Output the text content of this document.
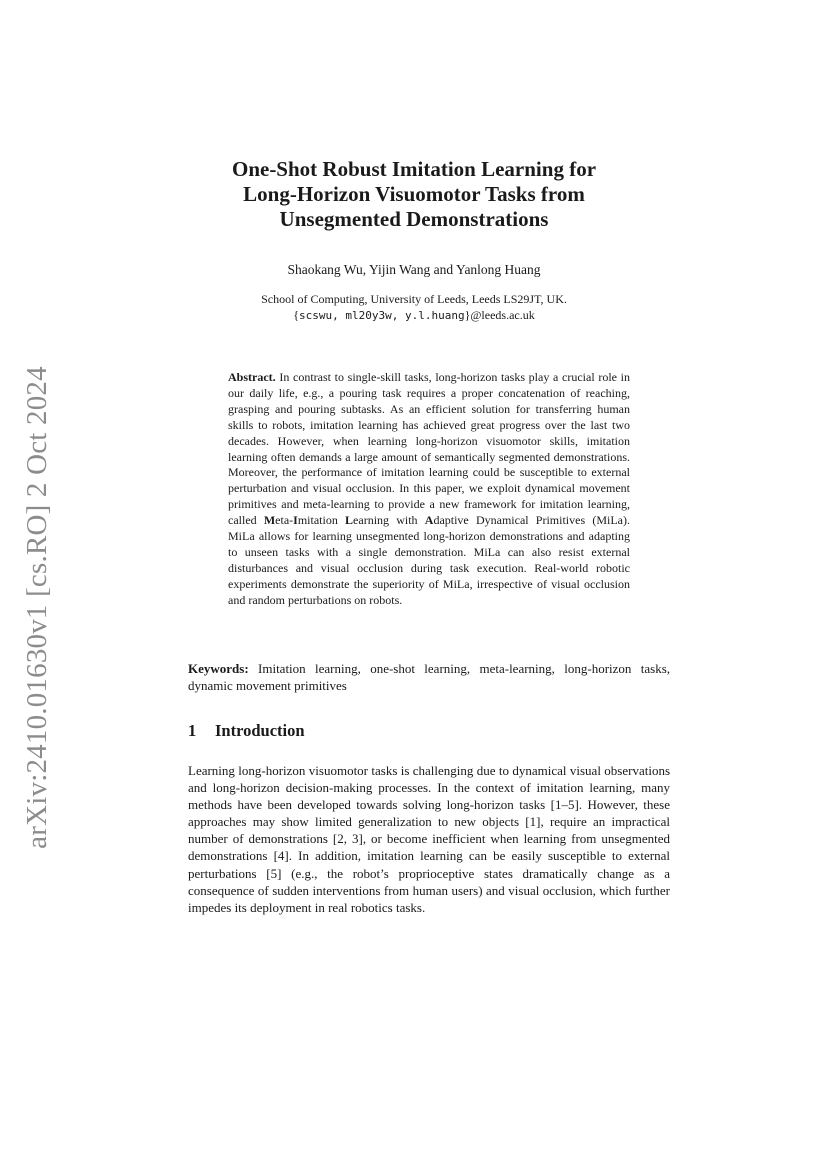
arXiv:2410.01630v1 [cs.RO] 2 Oct 2024
One-Shot Robust Imitation Learning for
Long-Horizon Visuomotor Tasks from
Unsegmented Demonstrations
Shaokang Wu, Yijin Wang and Yanlong Huang
School of Computing, University of Leeds, Leeds LS29JT, UK.
{scswu, ml20y3w, y.l.huang}@leeds.ac.uk
Abstract. In contrast to single-skill tasks, long-horizon tasks play a crucial role in our daily life, e.g., a pouring task requires a proper concatenation of reaching, grasping and pouring subtasks. As an efficient solution for transferring human skills to robots, imitation learning has achieved great progress over the last two decades. However, when learning long-horizon visuomotor skills, imitation learning often demands a large amount of semantically segmented demonstrations. Moreover, the performance of imitation learning could be susceptible to external perturbation and visual occlusion. In this paper, we exploit dynamical movement primitives and meta-learning to provide a new framework for imitation learning, called Meta-Imitation Learning with Adaptive Dynamical Primitives (MiLa). MiLa allows for learning unsegmented long-horizon demonstrations and adapting to unseen tasks with a single demonstration. MiLa can also resist external disturbances and visual occlusion during task execution. Real-world robotic experiments demonstrate the superiority of MiLa, irrespective of visual occlusion and random perturbations on robots.
Keywords: Imitation learning, one-shot learning, meta-learning, long-horizon tasks, dynamic movement primitives
1 Introduction
Learning long-horizon visuomotor tasks is challenging due to dynamical visual observations and long-horizon decision-making processes. In the context of imitation learning, many methods have been developed towards solving long-horizon tasks [1–5]. However, these approaches may show limited generalization to new objects [1], require an impractical number of demonstrations [2, 3], or become inefficient when learning from unsegmented demonstrations [4]. In addition, imitation learning can be easily susceptible to external perturbations [5] (e.g., the robot’s proprioceptive states dramatically change as a consequence of sudden interventions from human users) and visual occlusion, which further impedes its deployment in real robotics tasks.
